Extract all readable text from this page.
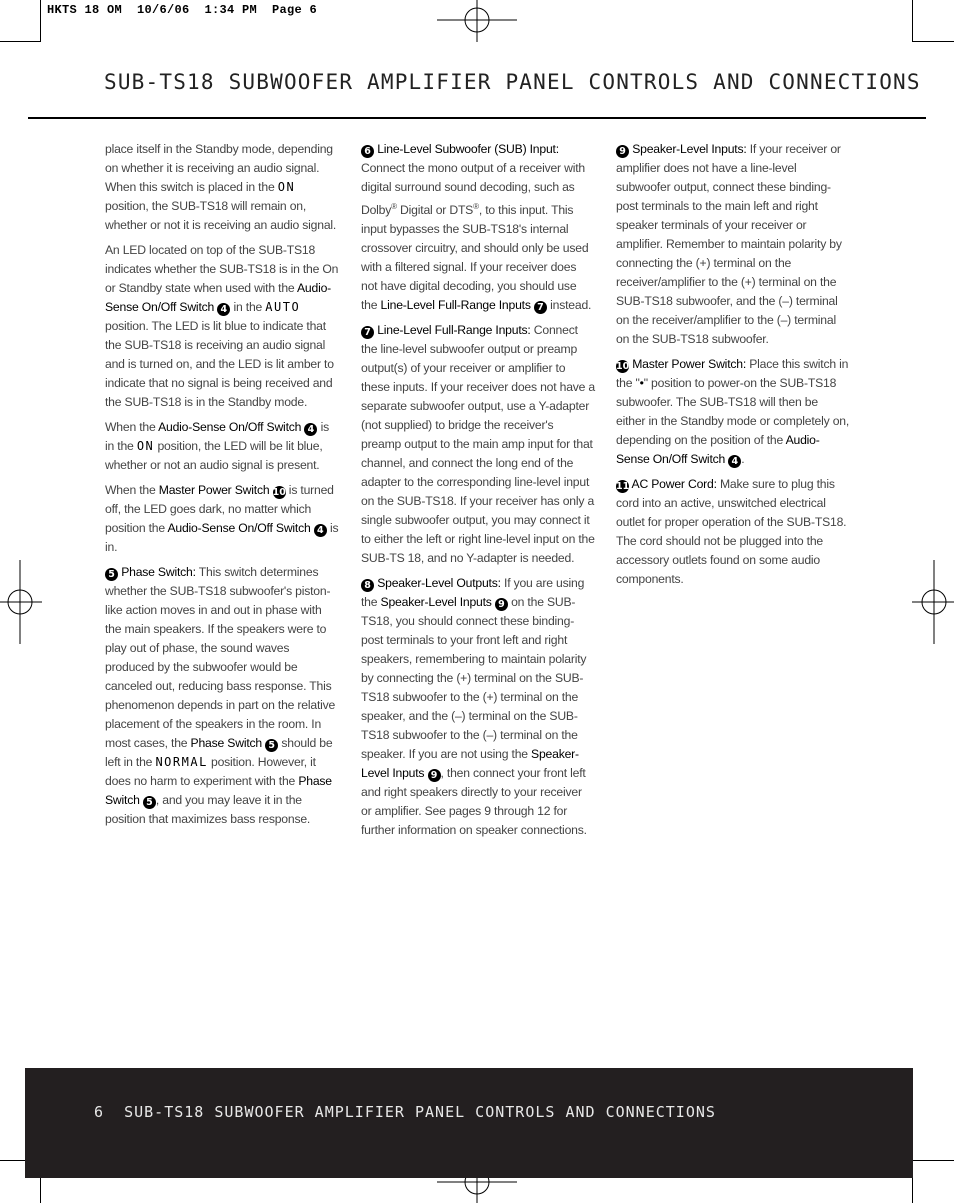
HKTS 18 OM  10/6/06  1:34 PM  Page 6
SUB-TS18 SUBWOOFER AMPLIFIER PANEL CONTROLS AND CONNECTIONS

place itself in the Standby mode, depending on whether it is receiving an audio signal. When this switch is placed in the ON position, the SUB-TS18 will remain on, whether or not it is receiving an audio signal.

An LED located on top of the SUB-TS18 indicates whether the SUB-TS18 is in the On or Standby state when used with the Audio-Sense On/Off Switch 4 in the AUTO position. The LED is lit blue to indicate that the SUB-TS18 is receiving an audio signal and is turned on, and the LED is lit amber to indicate that no signal is being received and the SUB-TS18 is in the Standby mode.

When the Audio-Sense On/Off Switch 4 is in the ON position, the LED will be lit blue, whether or not an audio signal is present.

When the Master Power Switch 10 is turned off, the LED goes dark, no matter which position the Audio-Sense On/Off Switch 4 is in.

5 Phase Switch: This switch determines whether the SUB-TS18 subwoofer's piston-like action moves in and out in phase with the main speakers. If the speakers were to play out of phase, the sound waves produced by the subwoofer would be canceled out, reducing bass response. This phenomenon depends in part on the relative placement of the speakers in the room. In most cases, the Phase Switch 5 should be left in the NORMAL position. However, it does no harm to experiment with the Phase Switch 5 , and you may leave it in the position that maximizes bass response.

6 Line-Level Subwoofer (SUB) Input: Connect the mono output of a receiver with digital surround sound decoding, such as Dolby® Digital or DTS®, to this input. This input bypasses the SUB-TS18's internal crossover circuitry, and should only be used with a filtered signal. If your receiver does not have digital decoding, you should use the Line-Level Full-Range Inputs 7 instead.

7 Line-Level Full-Range Inputs: Connect the line-level subwoofer output or preamp output(s) of your receiver or amplifier to these inputs. If your receiver does not have a separate subwoofer output, use a Y-adapter (not supplied) to bridge the receiver's preamp output to the main amp input for that channel, and connect the long end of the adapter to the corresponding line-level input on the SUB-TS18. If your receiver has only a single subwoofer output, you may connect it to either the left or right line-level input on the SUB-TS 18, and no Y-adapter is needed.

8 Speaker-Level Outputs: If you are using the Speaker-Level Inputs 9 on the SUB-TS18, you should connect these binding-post terminals to your front left and right speakers, remembering to maintain polarity by connecting the (+) terminal on the SUB-TS18 subwoofer to the (+) terminal on the speaker, and the (–) terminal on the SUB-TS18 subwoofer to the (–) terminal on the speaker. If you are not using the Speaker-Level Inputs 9 , then connect your front left and right speakers directly to your receiver or amplifier. See pages 9 through 12 for further information on speaker connections.

9 Speaker-Level Inputs: If your receiver or amplifier does not have a line-level subwoofer output, connect these binding-post terminals to the main left and right speaker terminals of your receiver or amplifier. Remember to maintain polarity by connecting the (+) terminal on the receiver/amplifier to the (+) terminal on the SUB-TS18 subwoofer, and the (–) terminal on the receiver/amplifier to the (–) terminal on the SUB-TS18 subwoofer.

10 Master Power Switch: Place this switch in the "•" position to power-on the SUB-TS18 subwoofer. The SUB-TS18 will then be either in the Standby mode or completely on, depending on the position of the Audio-Sense On/Off Switch 4 .

11 AC Power Cord: Make sure to plug this cord into an active, unswitched electrical outlet for proper operation of the SUB-TS18. The cord should not be plugged into the accessory outlets found on some audio components.

6 SUB-TS18 SUBWOOFER AMPLIFIER PANEL CONTROLS AND CONNECTIONS
